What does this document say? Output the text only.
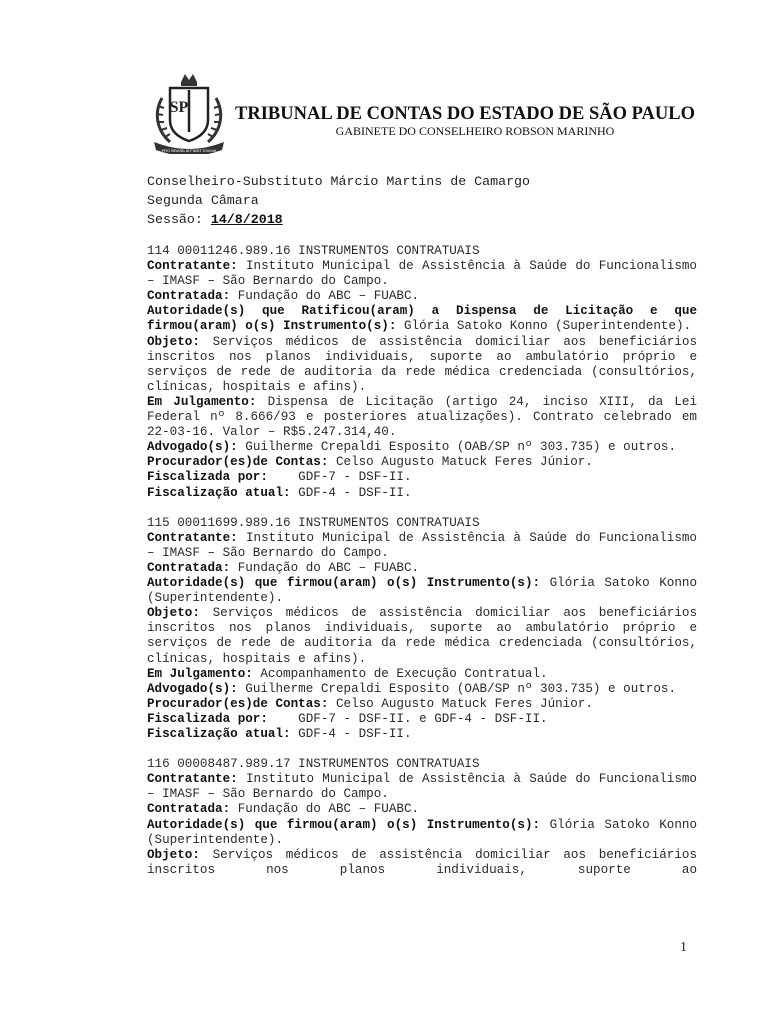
SP
PRO BRASILIA FIANT EXIMIA
TRIBUNAL DE CONTAS DO ESTADO DE SÃO PAULO
GABINETE DO CONSELHEIRO ROBSON MARINHO
Conselheiro-Substituto Márcio Martins de Camargo
Segunda Câmara
Sessão: 14/8/2018
114 00011246.989.16 INSTRUMENTOS CONTRATUAIS
Contratante: Instituto Municipal de Assistência à Saúde do Funcionalismo – IMASF – São Bernardo do Campo.
Contratada: Fundação do ABC – FUABC.
Autoridade(s) que Ratificou(aram) a Dispensa de Licitação e que firmou(aram) o(s) Instrumento(s): Glória Satoko Konno (Superintendente).
Objeto: Serviços médicos de assistência domiciliar aos beneficiários inscritos nos planos individuais, suporte ao ambulatório próprio e serviços de rede de auditoria da rede médica credenciada (consultórios, clínicas, hospitais e afins).
Em Julgamento: Dispensa de Licitação (artigo 24, inciso XIII, da Lei Federal nº 8.666/93 e posteriores atualizações). Contrato celebrado em 22-03-16. Valor – R$5.247.314,40.
Advogado(s): Guilherme Crepaldi Esposito (OAB/SP nº 303.735) e outros.
Procurador(es)de Contas: Celso Augusto Matuck Feres Júnior.
Fiscalizada por: GDF-7 - DSF-II.
Fiscalização atual: GDF-4 - DSF-II.
115 00011699.989.16 INSTRUMENTOS CONTRATUAIS
Contratante: Instituto Municipal de Assistência à Saúde do Funcionalismo – IMASF – São Bernardo do Campo.
Contratada: Fundação do ABC – FUABC.
Autoridade(s) que firmou(aram) o(s) Instrumento(s): Glória Satoko Konno (Superintendente).
Objeto: Serviços médicos de assistência domiciliar aos beneficiários inscritos nos planos individuais, suporte ao ambulatório próprio e serviços de rede de auditoria da rede médica credenciada (consultórios, clínicas, hospitais e afins).
Em Julgamento: Acompanhamento de Execução Contratual.
Advogado(s): Guilherme Crepaldi Esposito (OAB/SP nº 303.735) e outros.
Procurador(es)de Contas: Celso Augusto Matuck Feres Júnior.
Fiscalizada por: GDF-7 - DSF-II. e GDF-4 - DSF-II.
Fiscalização atual: GDF-4 - DSF-II.
116 00008487.989.17 INSTRUMENTOS CONTRATUAIS
Contratante: Instituto Municipal de Assistência à Saúde do Funcionalismo – IMASF – São Bernardo do Campo.
Contratada: Fundação do ABC – FUABC.
Autoridade(s) que firmou(aram) o(s) Instrumento(s): Glória Satoko Konno (Superintendente).
Objeto: Serviços médicos de assistência domiciliar aos beneficiários inscritos nos planos individuais, suporte ao
1
